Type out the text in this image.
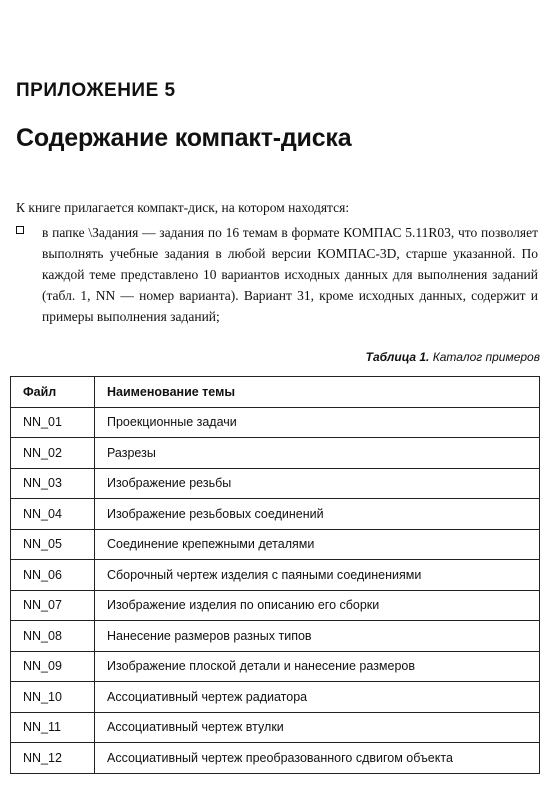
ПРИЛОЖЕНИЕ 5
Содержание компакт-диска
К книге прилагается компакт-диск, на котором находятся:
в папке \Задания — задания по 16 темам в формате КОМПАС 5.11R03, что позволяет выполнять учебные задания в любой версии КОМПАС-3D, старше указанной. По каждой теме представлено 10 вариантов исходных данных для выполнения заданий (табл. 1, NN — номер варианта). Вариант 31, кроме исходных данных, содержит и примеры выполнения заданий;
Таблица 1. Каталог примеров
Файл	Наименование темы
NN_01	Проекционные задачи
NN_02	Разрезы
NN_03	Изображение резьбы
NN_04	Изображение резьбовых соединений
NN_05	Соединение крепежными деталями
NN_06	Сборочный чертеж изделия с паяными соединениями
NN_07	Изображение изделия по описанию его сборки
NN_08	Нанесение размеров разных типов
NN_09	Изображение плоской детали и нанесение размеров
NN_10	Ассоциативный чертеж радиатора
NN_11	Ассоциативный чертеж втулки
NN_12	Ассоциативный чертеж преобразованного сдвигом объекта
